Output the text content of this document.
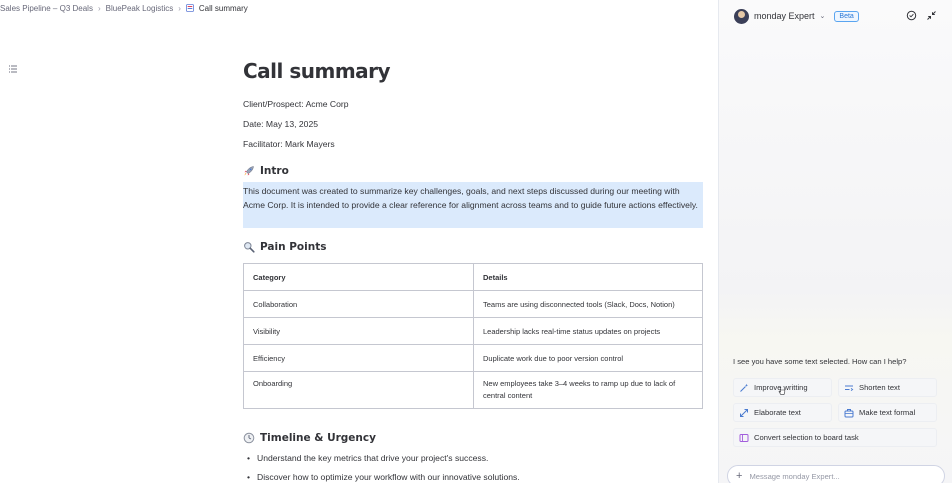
Sales Pipeline – Q3 Deals › BluePeak Logistics › Call summary
Call summary
Client/Prospect: Acme Corp
Date: May 13, 2025
Facilitator: Mark Mayers
Intro
This document was created to summarize key challenges, goals, and next steps discussed during our meeting with Acme Corp. It is intended to provide a clear reference for alignment across teams and to guide future actions effectively.
Pain Points
Category	Details
Collaboration	Teams are using disconnected tools (Slack, Docs, Notion)
Visibility	Leadership lacks real-time status updates on projects
Efficiency	Duplicate work due to poor version control
Onboarding	New employees take 3–4 weeks to ramp up due to lack of central content
Timeline & Urgency
• Understand the key metrics that drive your project's success.
• Discover how to optimize your workflow with our innovative solutions.
monday Expert ⌄	Beta
I see you have some text selected. How can I help?
Improve writting	Shorten text
Elaborate text	Make text formal
Convert selection to board task
+ Message monday Expert...
